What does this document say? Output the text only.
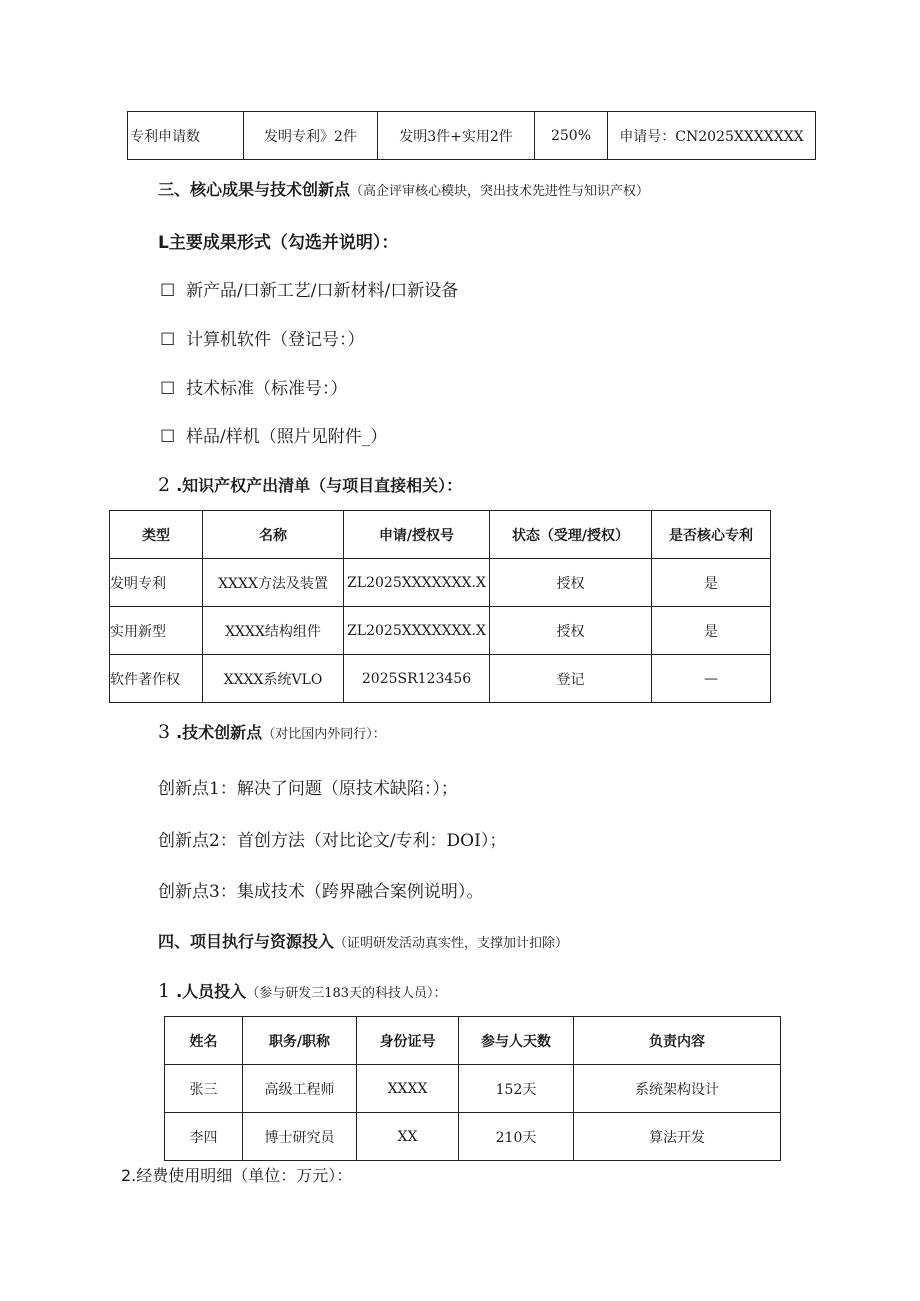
专利申请数	发明专利》2件	发明3件+实用2件	250%	申请号：CN2025XXXXXXX
三、核心成果与技术创新点（高企评审核心模块，突出技术先进性与知识产权）
L主要成果形式（勾选并说明）：
☐ 新产品/口新工艺/口新材料/口新设备
☐ 计算机软件（登记号：）
☐ 技术标准（标准号：）
☐ 样品/样机（照片见附件_）
2 .知识产权产出清单（与项目直接相关）：
类型	名称	申请/授权号	状态（受理/授权）	是否核心专利
发明专利	XXXX方法及装置	ZL2025XXXXXXX.X	授权	是
实用新型	XXXX结构组件	ZL2025XXXXXXX.X	授权	是
软件著作权	XXXX系统VLO	2025SR123456	登记	—
3 .技术创新点（对比国内外同行）：
创新点1：解决了问题（原技术缺陷：）；
创新点2：首创方法（对比论文/专利：DOI）；
创新点3：集成技术（跨界融合案例说明）。
四、项目执行与资源投入（证明研发活动真实性，支撑加计扣除）
1 .人员投入（参与研发三183天的科技人员）：
姓名	职务/职称	身份证号	参与人天数	负责内容
张三	高级工程师	XXXX	152天	系统架构设计
李四	博士研究员	XX	210天	算法开发
2.经费使用明细（单位：万元）：
